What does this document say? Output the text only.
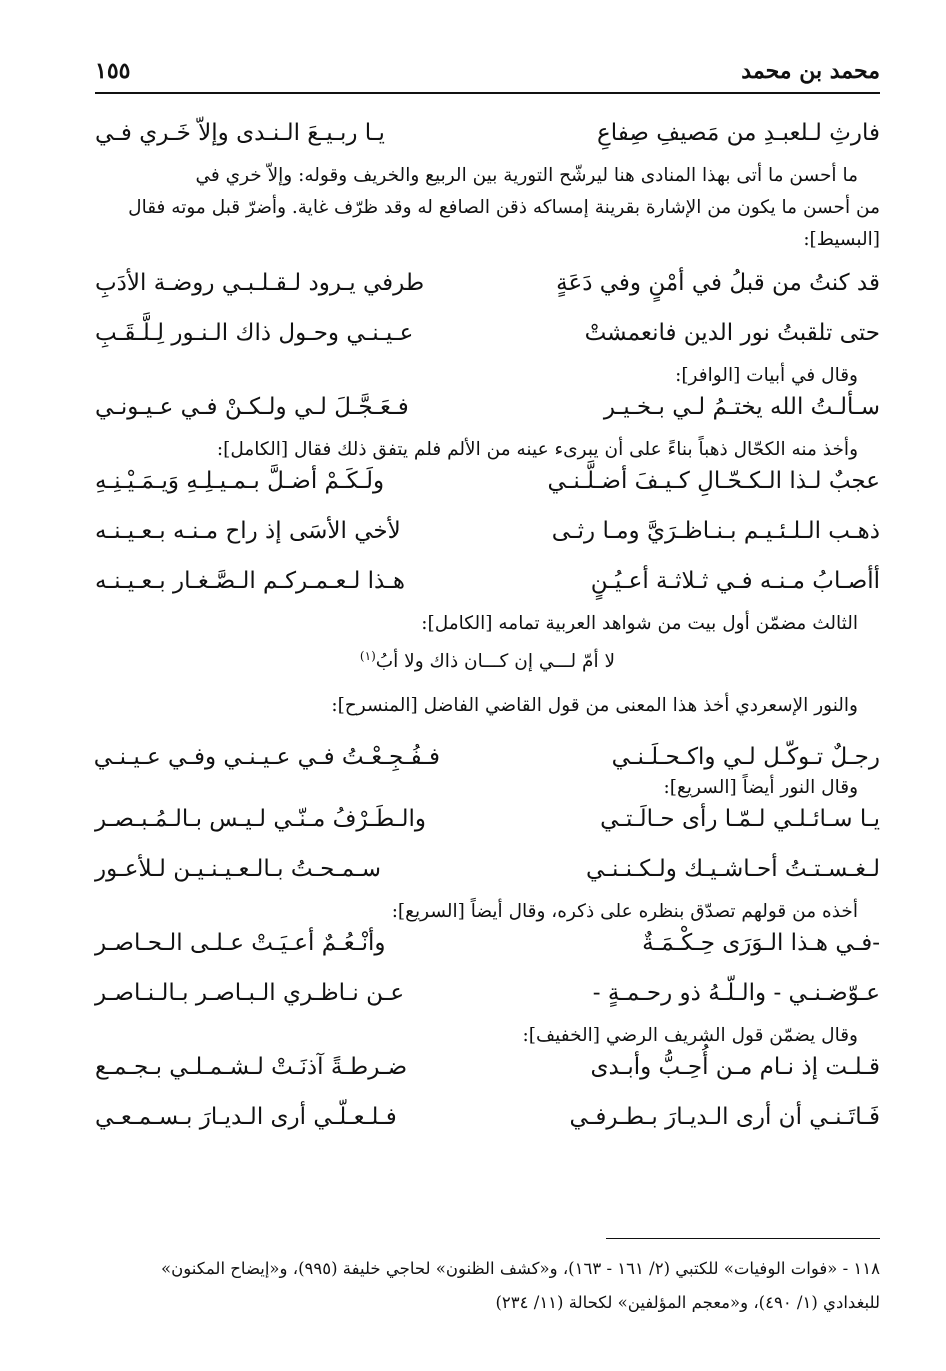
محمد بن محمد
١٥٥
فارثِ لـلعبـدِ من مَصيفِ صِفاعِ
يـا ربـيـعَ الـنـدى وإلاّ خَـري فـي
ما أحسن ما أتى بهذا المنادى هنا ليرشّح التورية بين الربيع والخريف وقوله: وإلاّ خري في
من أحسن ما يكون من الإشارة بقرينة إمساكه ذقن الصافع له وقد ظرّف غاية. وأضرّ قبل موته فقال
[البسيط]:
قد كنتُ من قبلُ في أمْنٍ وفي دَعَةٍ
طرفي يـرود لـقـلـبـي روضـة الأدَبِ
حتى تلقبتُ نور الدين فانعمشتْ
عـيـنـي وحـول ذاك الـنـور لِـلَّـقَـبِ
وقال في أبيات [الوافر]:
سـألـتُ الله يختـمُ لـي بـخـيـر
فـعَـجَّـلَ لـي ولـكـنْ فـي عـيـونـي
وأخذ منه الكحّال ذهباً بناءً على أن يبرىء عينه من الألم فلم يتفق ذلك فقال [الكامل]:
عجبٌ لـذا الـكـحّـالِ كـيـفَ أضـلَّـنـي
ولَـكَـمْ أضـلَّ بـمـيـلِـهِ وَيـمَـيْـنِـهِ
ذهـب الـلـئـيـم بـنـاظـرَيَّ ومـا رثـى
لأخي الأسَى إذ راح مـنـه بـعـيـنـه
أأصـابُ مـنـه فـي ثـلاثـة أعـيُـنٍ
هـذا لـعـمـركـم الـصَّـغـار بـعـيـنـه
الثالث مضمّن أول بيت من شواهد العربية تمامه [الكامل]:
لا أمّ لـــي إن كـــان ذاك ولا أبُ$^{(١)}$
والنور الإسعردي أخذ هذا المعنى من قول القاضي الفاضل [المنسرح]:
رجـلٌ تـوكّـل لـي واكـحـلَـنـي
فـفُـجِـعْـتُ فـي عـيـنـي وفـي عـيـنـي
وقال النور أيضاً [السريع]:
يـا سـائـلـي لـمّـا رأى حـالَـتـي
والـطَـرْفُ مـنّـي لـيـس بـالـمُـبـصـر
لـغـسـتـتُ أحـاشـيـك ولـكـنـنـي
سـمـحـتُ بـالـعـيـنـيـن لـلأعـور
أخذه من قولهم تصدّق بنظره على ذكره، وقال أيضاً [السريع]:
-فـي هـذا الـوَرَى حِـكْـمَـةٌ
وأنْـعُـمٌ أعـيَـتْ عـلـى الـحـاصـر
عـوّضـنـي - والـلّـهُ ذو رحـمـةٍ -
عـن نـاظـري الـبـاصـر بـالـنـاصـر
وقال يضمّن قول الشريف الرضي [الخفيف]:
قـلـت إذ نـام مـن أُحِـبُّ وأبـدى
ضـرطـةً آذنَـتْ لـشـمـلـي بـجـمـع
فَـاتَـنـي أن أرى الـديـارَ بـطـرفـي
فـلـعـلّـي أرى الـديـارَ بـسـمـعـي
١١٨ - «فوات الوفيات» للكتبي (٢/ ١٦١ - ١٦٣)، و«كشف الظنون» لحاجي خليفة (٩٩٥)، و«إيضاح المكنون»
للبغدادي (١/ ٤٩٠)، و«معجم المؤلفين» لكحالة (١١/ ٢٣٤)
